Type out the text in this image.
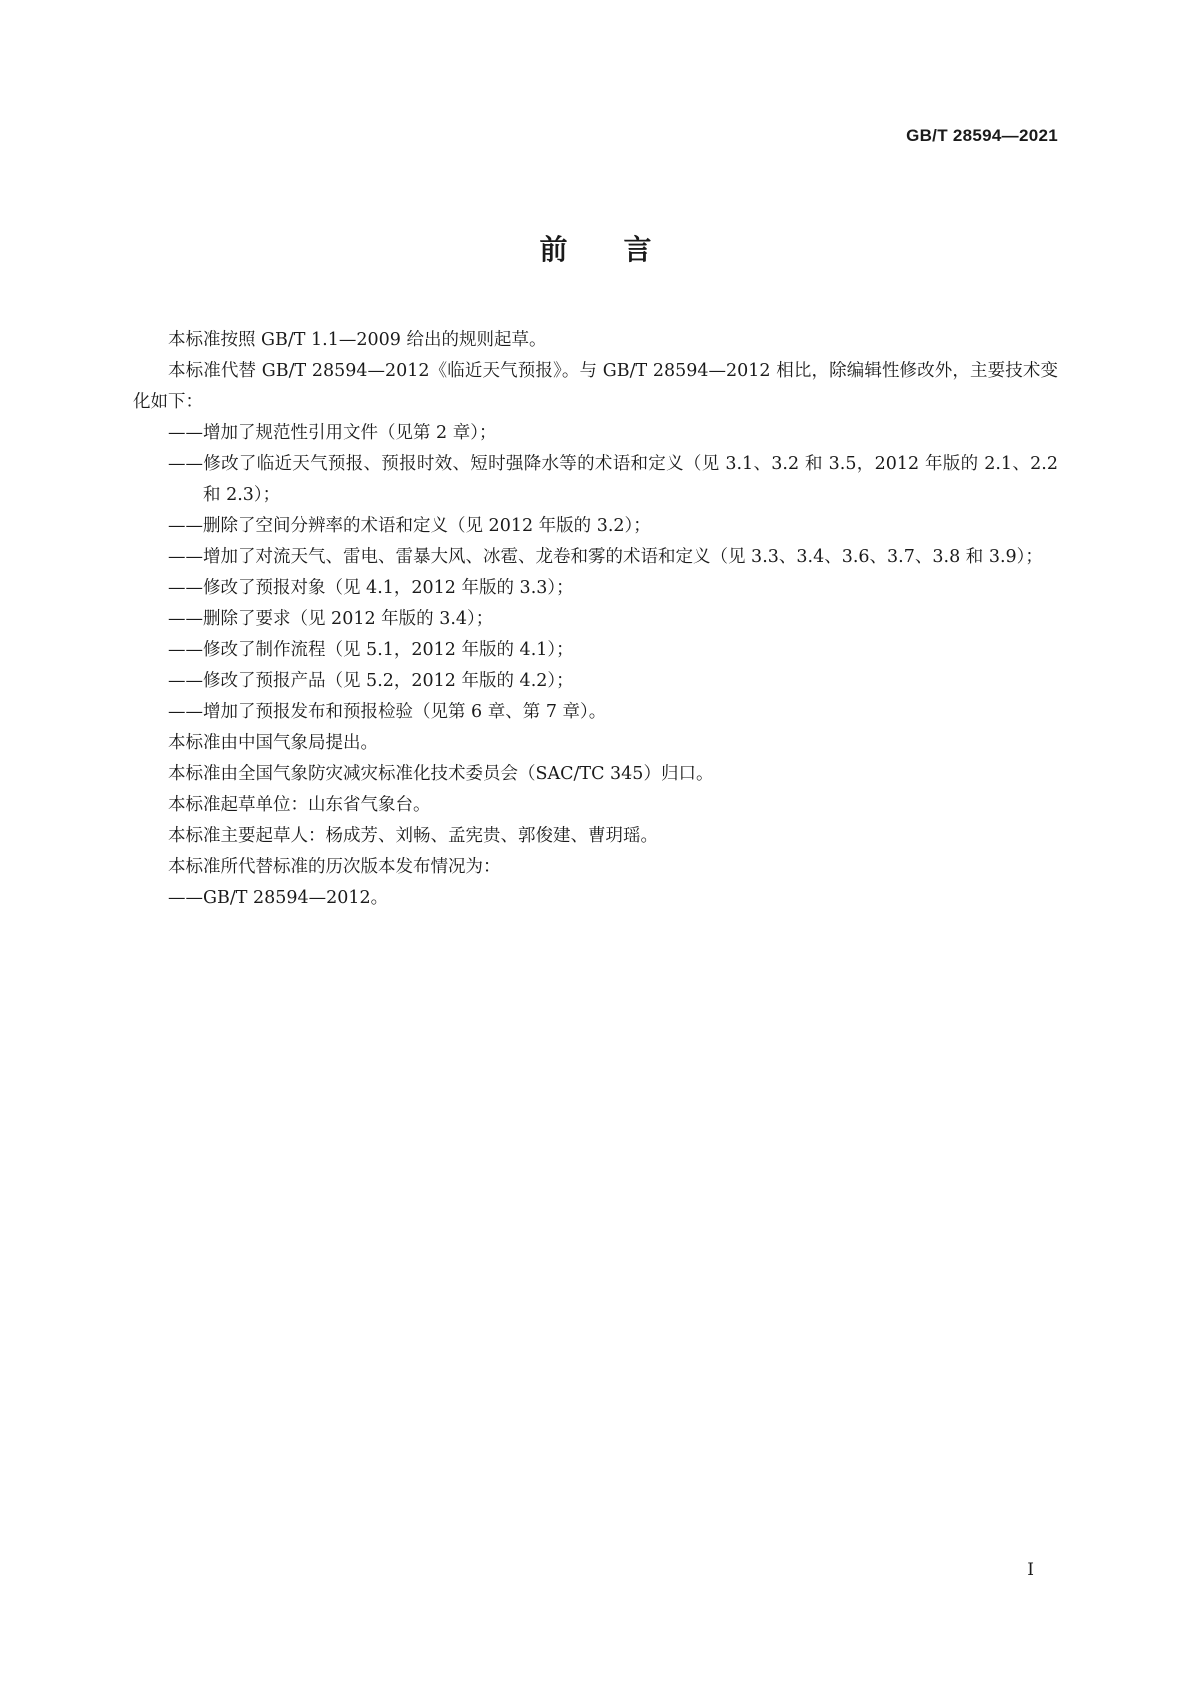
GB/T 28594—2021
前言

本标准按照 GB/T 1.1—2009 给出的规则起草。

本标准代替 GB/T 28594—2012《临近天气预报》。与 GB/T 28594—2012 相比，除编辑性修改外，主要技术变化如下：

——增加了规范性引用文件（见第 2 章）；

——修改了临近天气预报、预报时效、短时强降水等的术语和定义（见 3.1、3.2 和 3.5，2012 年版的 2.1、2.2 和 2.3）；

——删除了空间分辨率的术语和定义（见 2012 年版的 3.2）；

——增加了对流天气、雷电、雷暴大风、冰雹、龙卷和雾的术语和定义（见 3.3、3.4、3.6、3.7、3.8 和 3.9）；

——修改了预报对象（见 4.1，2012 年版的 3.3）；

——删除了要求（见 2012 年版的 3.4）；

——修改了制作流程（见 5.1，2012 年版的 4.1）；

——修改了预报产品（见 5.2，2012 年版的 4.2）；

——增加了预报发布和预报检验（见第 6 章、第 7 章）。

本标准由中国气象局提出。

本标准由全国气象防灾减灾标准化技术委员会（SAC/TC 345）归口。

本标准起草单位：山东省气象台。

本标准主要起草人：杨成芳、刘畅、孟宪贵、郭俊建、曹玥瑶。

本标准所代替标准的历次版本发布情况为：

——GB/T 28594—2012。

I
